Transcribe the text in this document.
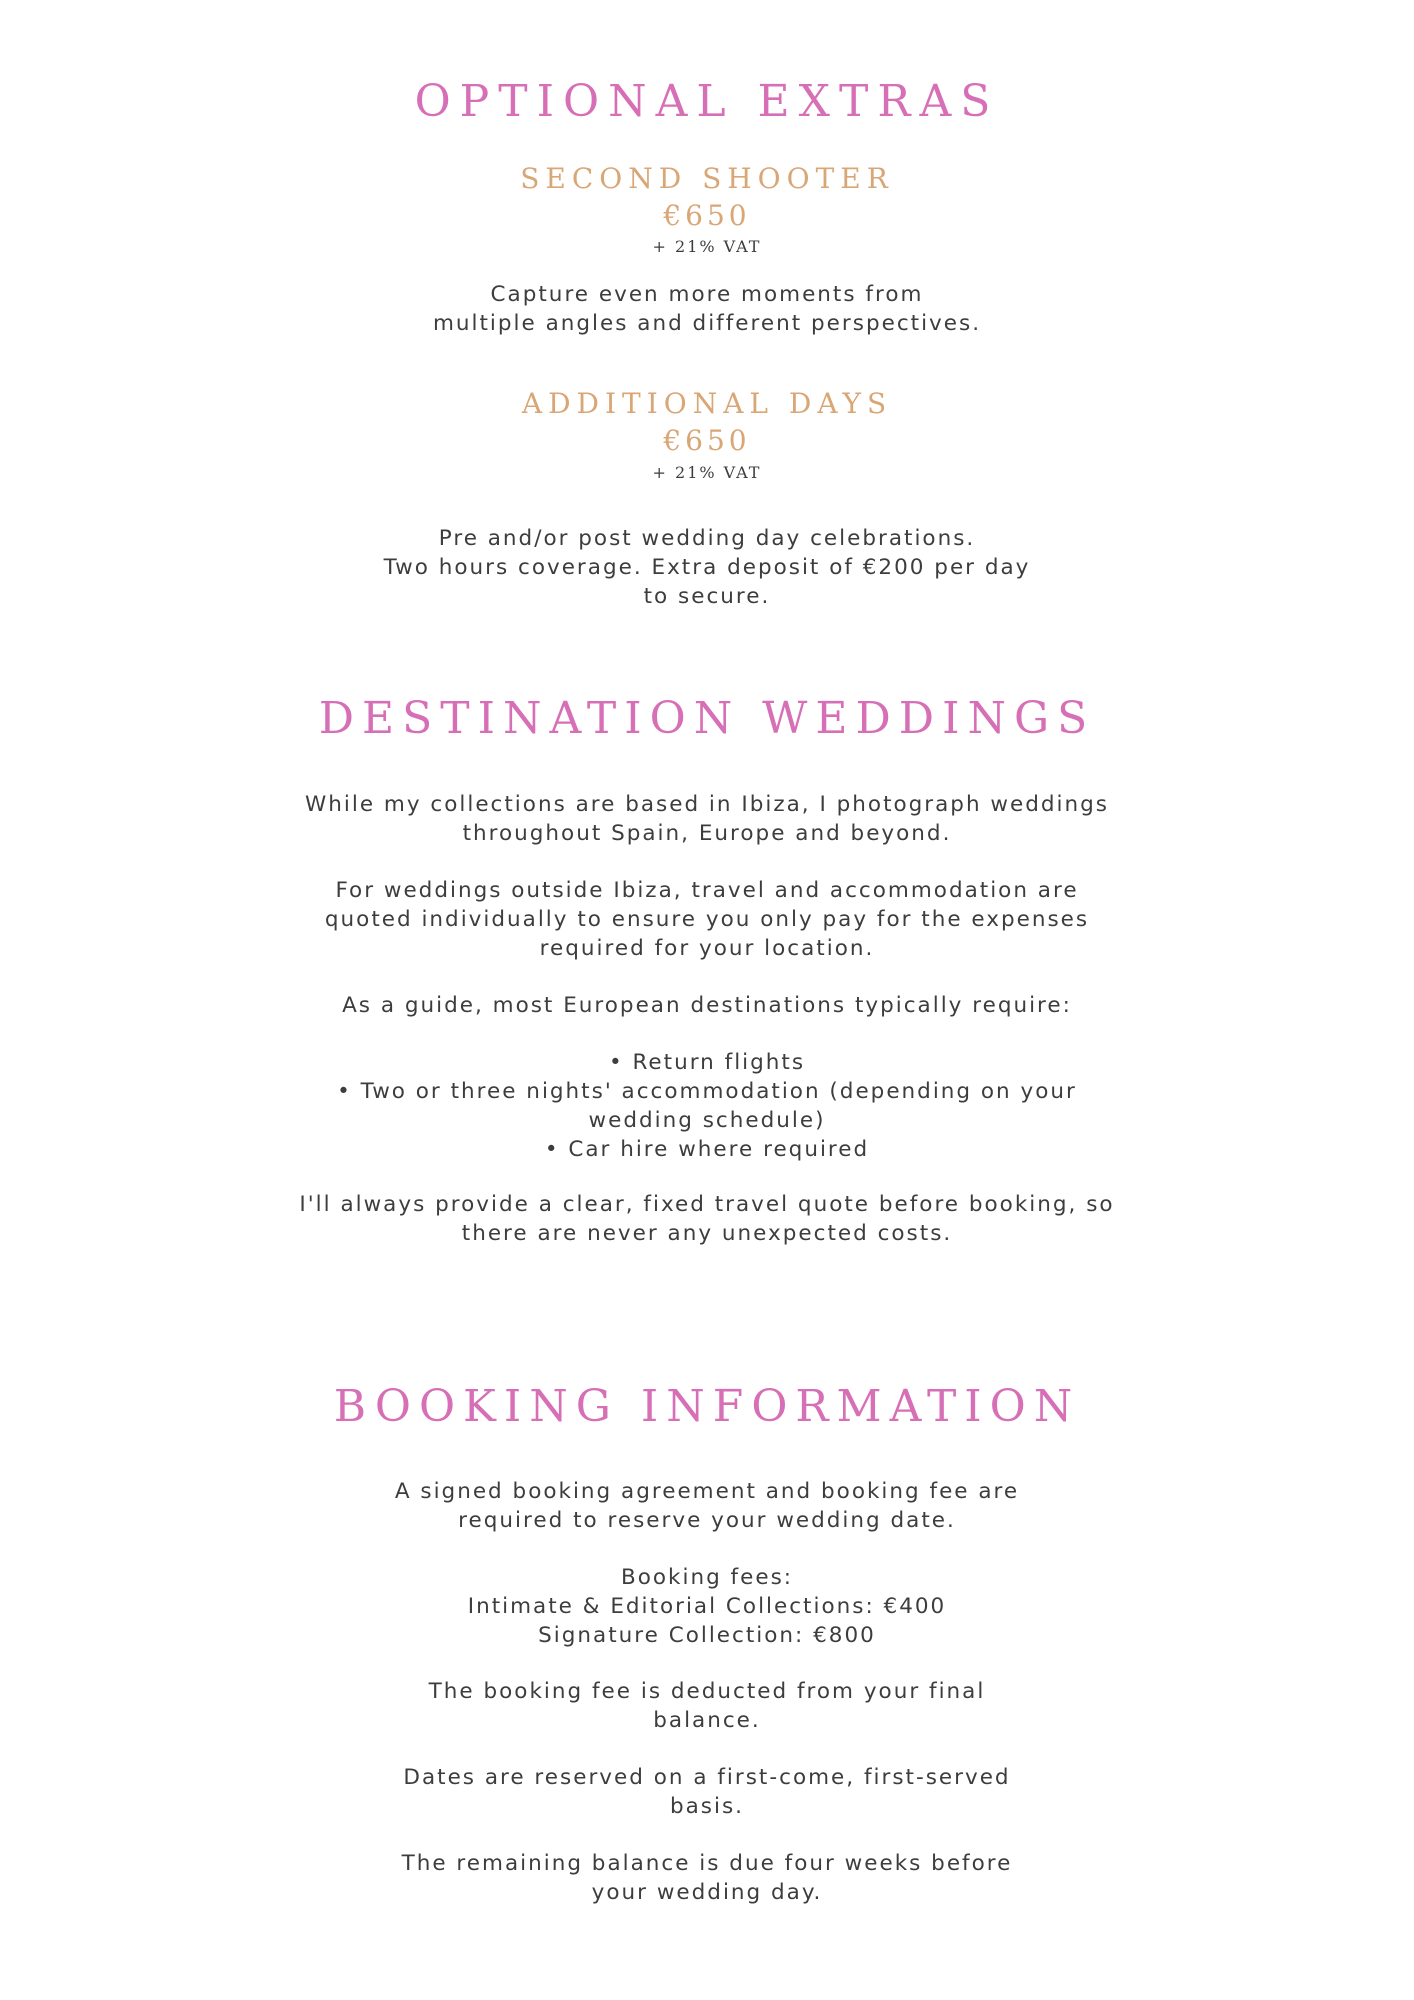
OPTIONAL EXTRAS
SECOND SHOOTER
€650
+ 21% VAT

Capture even more moments from
multiple angles and different perspectives.

ADDITIONAL DAYS
€650
+ 21% VAT

Pre and/or post wedding day celebrations.
Two hours coverage. Extra deposit of €200 per day
to secure.

DESTINATION WEDDINGS

While my collections are based in Ibiza, I photograph weddings
throughout Spain, Europe and beyond.

For weddings outside Ibiza, travel and accommodation are
quoted individually to ensure you only pay for the expenses
required for your location.

As a guide, most European destinations typically require:

• Return flights
• Two or three nights' accommodation (depending on your
wedding schedule)
• Car hire where required

I'll always provide a clear, fixed travel quote before booking, so
there are never any unexpected costs.

BOOKING INFORMATION

A signed booking agreement and booking fee are
required to reserve your wedding date.

Booking fees:
Intimate & Editorial Collections: €400
Signature Collection: €800

The booking fee is deducted from your final
balance.

Dates are reserved on a first-come, first-served
basis.

The remaining balance is due four weeks before
your wedding day.
